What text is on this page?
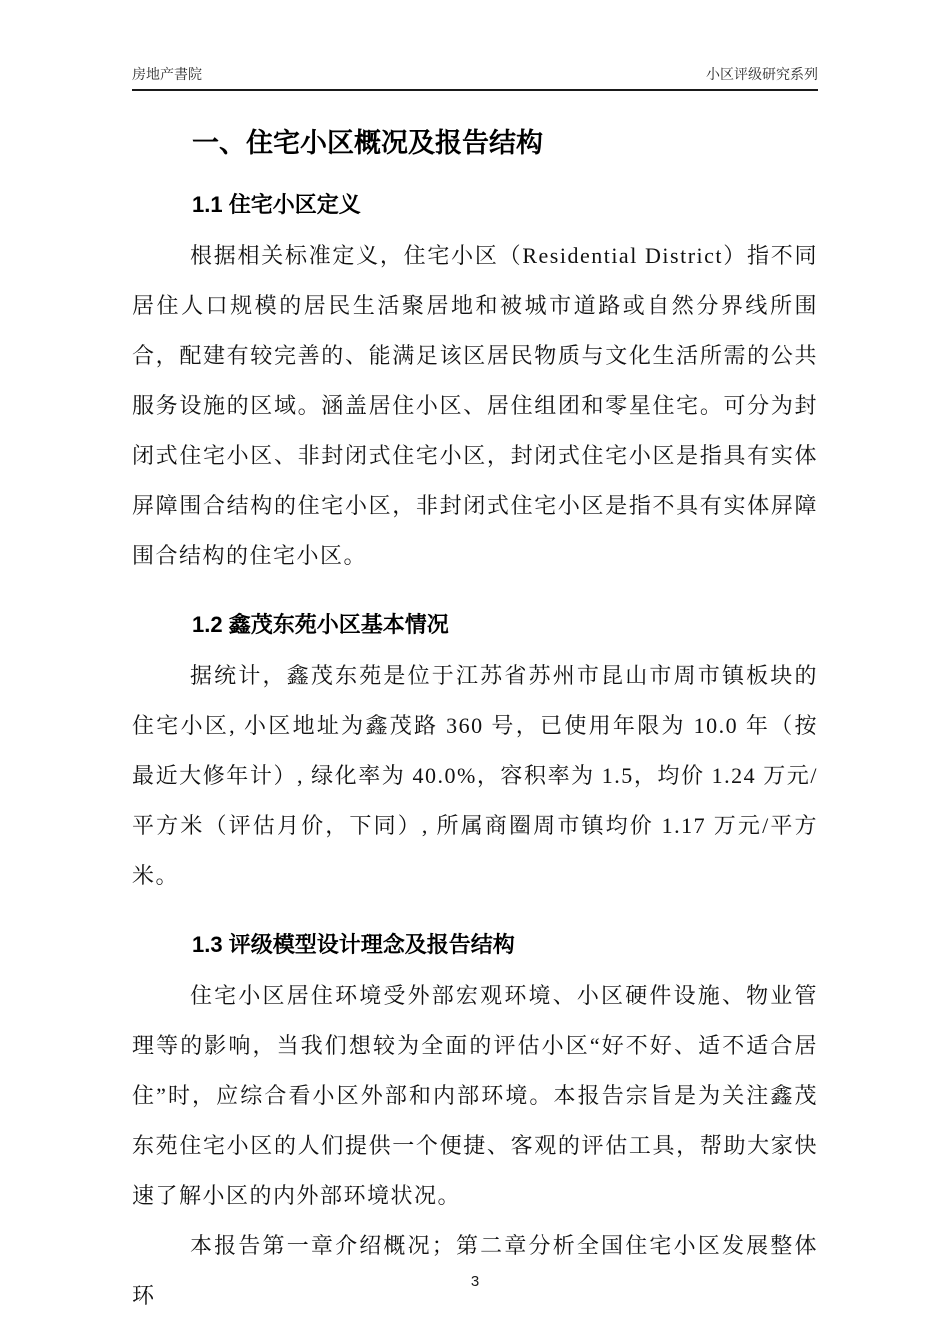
房地产書院	小区评级研究系列
一、住宅小区概况及报告结构
1.1 住宅小区定义

根据相关标准定义，住宅小区（Residential District）指不同居住人口规模的居民生活聚居地和被城市道路或自然分界线所围合，配建有较完善的、能满足该区居民物质与文化生活所需的公共服务设施的区域。涵盖居住小区、居住组团和零星住宅。可分为封闭式住宅小区、非封闭式住宅小区，封闭式住宅小区是指具有实体屏障围合结构的住宅小区，非封闭式住宅小区是指不具有实体屏障围合结构的住宅小区。

1.2 鑫茂东苑小区基本情况

据统计，鑫茂东苑是位于江苏省苏州市昆山市周市镇板块的住宅小区, 小区地址为鑫茂路 360 号，已使用年限为 10.0 年（按最近大修年计）, 绿化率为 40.0%，容积率为 1.5，均价 1.24 万元/平方米（评估月价，下同）, 所属商圈周市镇均价 1.17 万元/平方米。

1.3 评级模型设计理念及报告结构

住宅小区居住环境受外部宏观环境、小区硬件设施、物业管理等的影响，当我们想较为全面的评估小区“好不好、适不适合居住”时，应综合看小区外部和内部环境。本报告宗旨是为关注鑫茂东苑住宅小区的人们提供一个便捷、客观的评估工具，帮助大家快速了解小区的内外部环境状况。

本报告第一章介绍概况；第二章分析全国住宅小区发展整体环

3
